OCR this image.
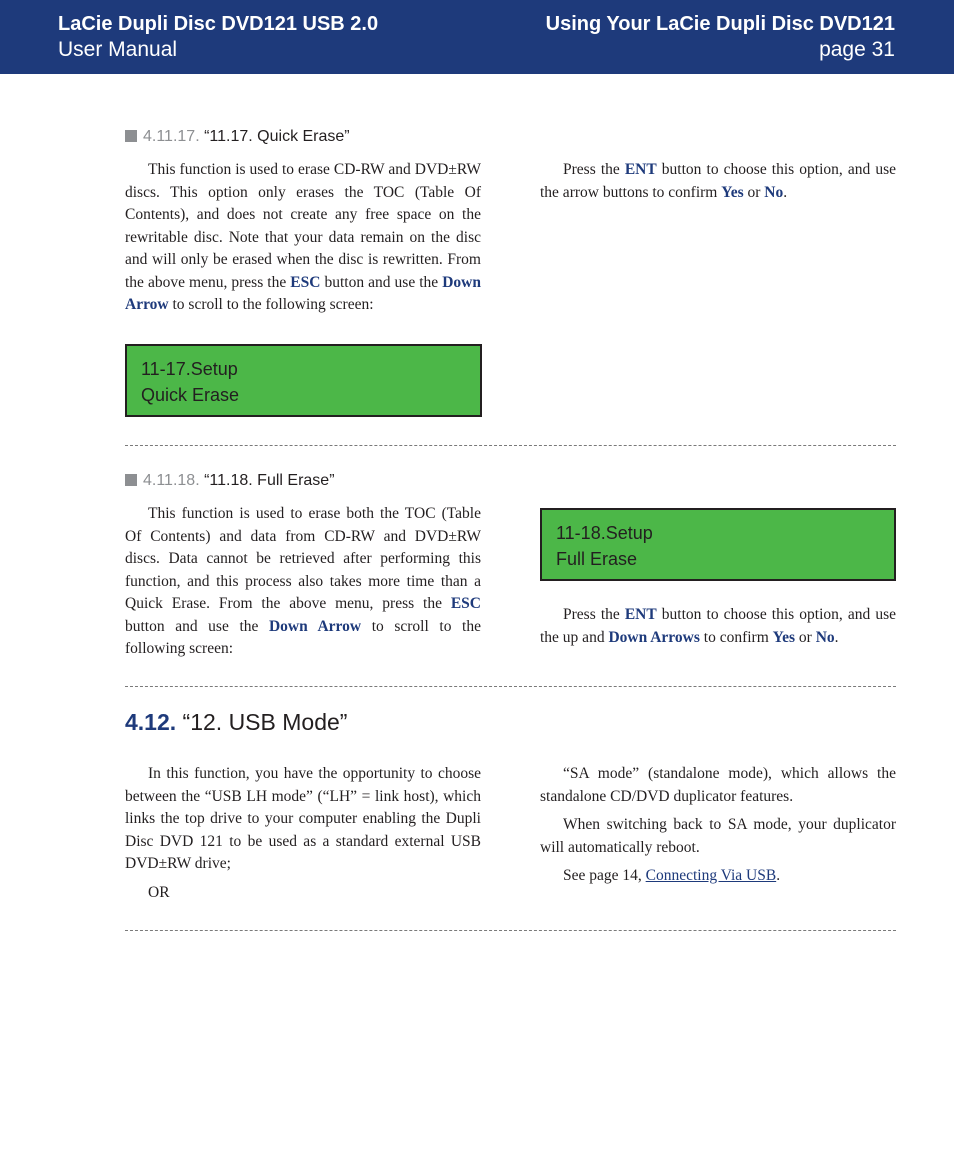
LaCie Dupli Disc DVD121 USB 2.0
User Manual
Using Your LaCie Dupli Disc DVD121
page 31
4.11.17. “11.17. Quick Erase”

This function is used to erase CD-RW and DVD±RW discs. This option only erases the TOC (Table Of Contents), and does not create any free space on the rewritable disc. Note that your data remain on the disc and will only be erased when the disc is rewritten. From the above menu, press the ESC button and use the Down Arrow to scroll to the following screen:

11-17.Setup
Quick Erase

Press the ENT button to choose this option, and use the arrow buttons to confirm Yes or No.

4.11.18. “11.18. Full Erase”

This function is used to erase both the TOC (Table Of Contents) and data from CD-RW and DVD±RW discs. Data cannot be retrieved after performing this function, and this process also takes more time than a Quick Erase. From the above menu, press the ESC button and use the Down Arrow to scroll to the following screen:

11-18.Setup
Full Erase

Press the ENT button to choose this option, and use the up and Down Arrows to confirm Yes or No.

4.12. “12. USB Mode”

In this function, you have the opportunity to choose between the “USB LH mode” (“LH” = link host), which links the top drive to your computer enabling the Dupli Disc DVD 121 to be used as a standard external USB DVD±RW drive;

OR

“SA mode” (standalone mode), which allows the standalone CD/DVD duplicator features.

When switching back to SA mode, your duplicator will automatically reboot.

See page 14, Connecting Via USB.
